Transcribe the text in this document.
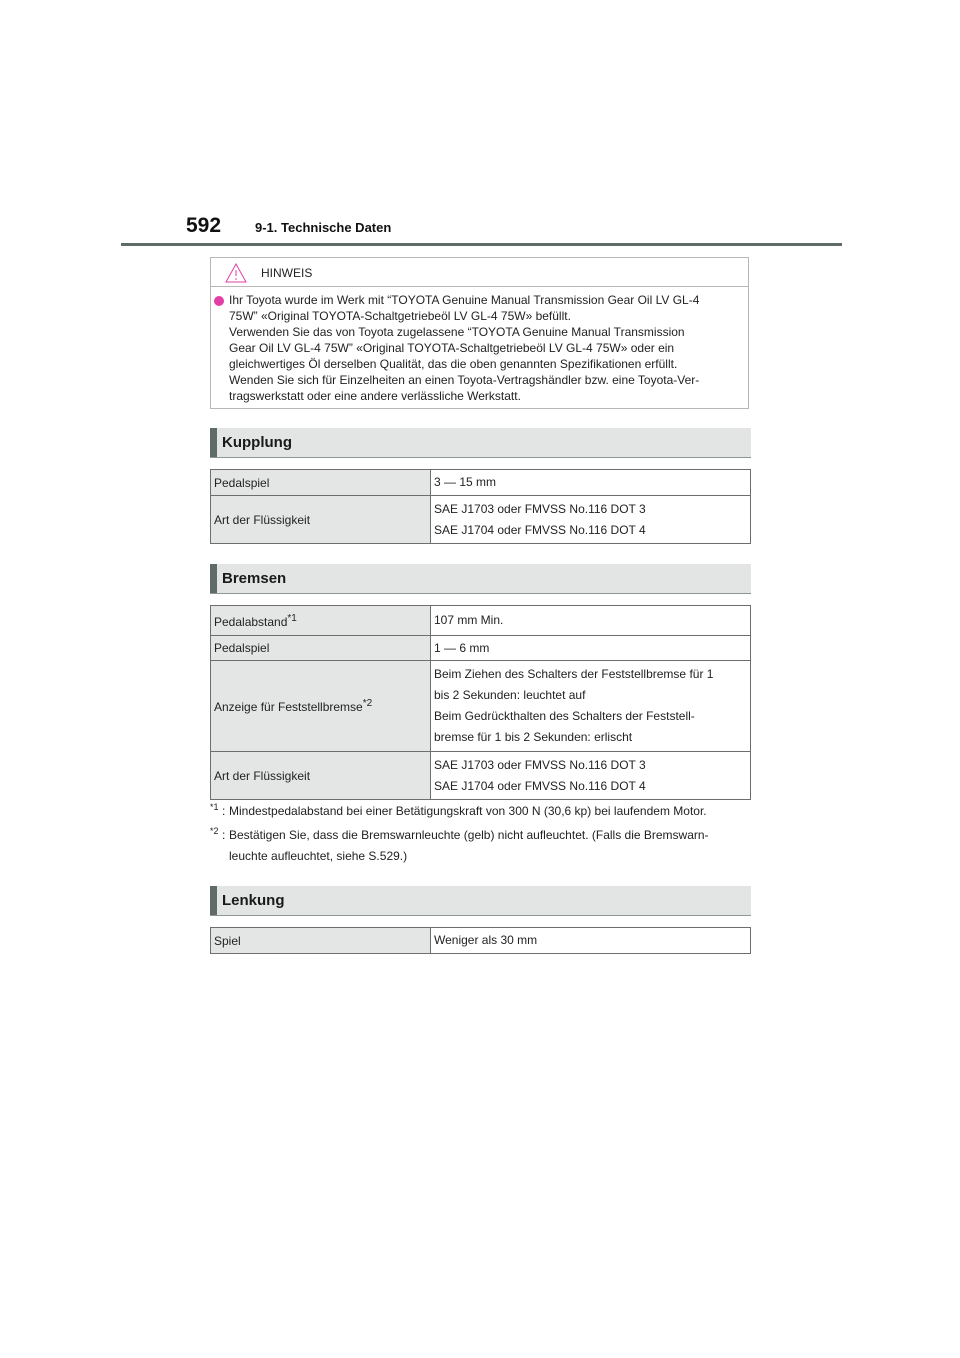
592	9-1. Technische Daten
HINWEIS

Ihr Toyota wurde im Werk mit “TOYOTA Genuine Manual Transmission Gear Oil LV GL-4

75W” «Original TOYOTA-Schaltgetriebeöl LV GL-4 75W» befüllt.

Verwenden Sie das von Toyota zugelassene “TOYOTA Genuine Manual Transmission

Gear Oil LV GL-4 75W” «Original TOYOTA-Schaltgetriebeöl LV GL-4 75W» oder ein

gleichwertiges Öl derselben Qualität, das die oben genannten Spezifikationen erfüllt.

Wenden Sie sich für Einzelheiten an einen Toyota-Vertragshändler bzw. eine Toyota-Ver-

tragswerkstatt oder eine andere verlässliche Werkstatt.

Kupplung
Pedalspiel	3 — 15 mm

Art der Flüssigkeit	SAE J1703 oder FMVSS No.116 DOT 3
SAE J1704 oder FMVSS No.116 DOT 4
Bremsen
Pedalabstand$^{*1}$	107 mm Min.

Pedalspiel	1 — 6 mm

Anzeige für Feststellbremse$^{*2}$	Beim Ziehen des Schalters der Feststellbremse für 1
bis 2 Sekunden: leuchtet auf
Beim Gedrückthalten des Schalters der Feststell-
bremse für 1 bis 2 Sekunden: erlischt

Art der Flüssigkeit	SAE J1703 oder FMVSS No.116 DOT 3
SAE J1704 oder FMVSS No.116 DOT 4
*1 : Mindestpedalabstand bei einer Betätigungskraft von 300 N (30,6 kp) bei laufendem Motor.
*2 : Bestätigen Sie, dass die Bremswarnleuchte (gelb) nicht aufleuchtet. (Falls die Bremswarn-
leuchte aufleuchtet, siehe S.529.)
Lenkung
Spiel	Weniger als 30 mm
